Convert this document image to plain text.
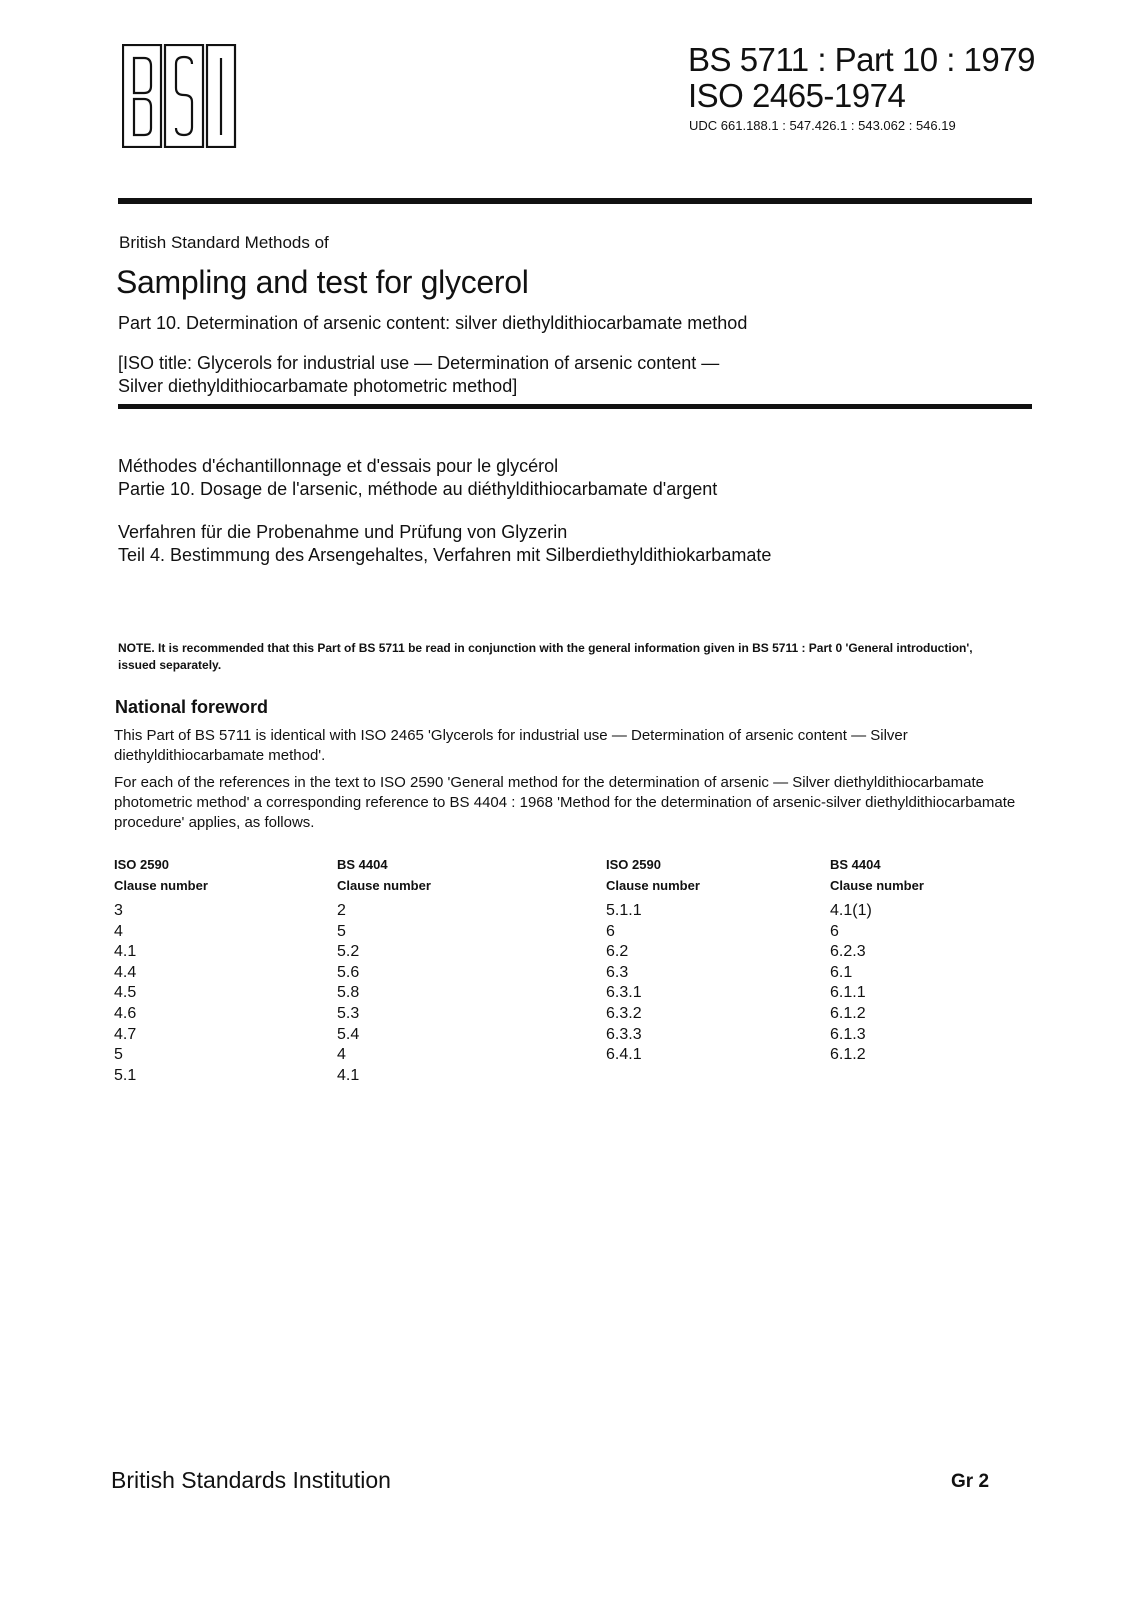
BS 5711 : Part 10 : 1979
ISO 2465-1974
UDC 661.188.1 : 547.426.1 : 543.062 : 546.19
British Standard Methods of
Sampling and test for glycerol
Part 10. Determination of arsenic content: silver diethyldithiocarbamate method
[ISO title: Glycerols for industrial use — Determination of arsenic content —
Silver diethyldithiocarbamate photometric method]
Méthodes d'échantillonnage et d'essais pour le glycérol
Partie 10. Dosage de l'arsenic, méthode au diéthyldithiocarbamate d'argent
Verfahren für die Probenahme und Prüfung von Glyzerin
Teil 4. Bestimmung des Arsengehaltes, Verfahren mit Silberdiethyldithiokarbamate
NOTE. It is recommended that this Part of BS 5711 be read in conjunction with the general information given in BS 5711 : Part 0 'General introduction', issued separately.
National foreword
This Part of BS 5711 is identical with ISO 2465 'Glycerols for industrial use — Determination of arsenic content — Silver diethyldithiocarbamate method'.
For each of the references in the text to ISO 2590 'General method for the determination of arsenic — Silver diethyldithiocarbamate photometric method' a corresponding reference to BS 4404 : 1968 'Method for the determination of arsenic-silver diethyldithiocarbamate procedure' applies, as follows.
ISO 2590
Clause number
3
4
4.1
4.4
4.5
4.6
4.7
5
5.1
BS 4404
Clause number
2
5
5.2
5.6
5.8
5.3
5.4
4
4.1
ISO 2590
Clause number
5.1.1
6
6.2
6.3
6.3.1
6.3.2
6.3.3
6.4.1
BS 4404
Clause number
4.1(1)
6
6.2.3
6.1
6.1.1
6.1.2
6.1.3
6.1.2
British Standards Institution	Gr 2
